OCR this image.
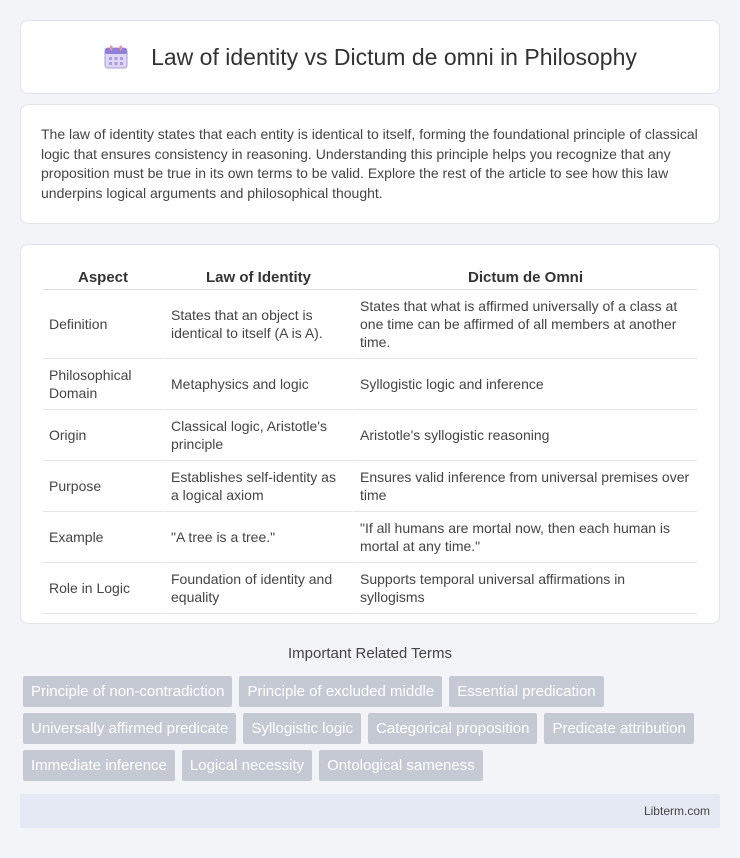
Law of identity vs Dictum de omni in Philosophy

The law of identity states that each entity is identical to itself, forming the foundational principle of classical logic that ensures consistency in reasoning. Understanding this principle helps you recognize that any proposition must be true in its own terms to be valid. Explore the rest of the article to see how this law underpins logical arguments and philosophical thought.

Aspect	Law of Identity	Dictum de Omni
Definition	States that an object is identical to itself (A is A).	States that what is affirmed universally of a class at one time can be affirmed of all members at another time.
Philosophical Domain	Metaphysics and logic	Syllogistic logic and inference
Origin	Classical logic, Aristotle's principle	Aristotle's syllogistic reasoning
Purpose	Establishes self-identity as a logical axiom	Ensures valid inference from universal premises over time
Example	"A tree is a tree."	"If all humans are mortal now, then each human is mortal at any time."
Role in Logic	Foundation of identity and equality	Supports temporal universal affirmations in syllogisms
Important Related Terms
Principle of non-contradiction	Principle of excluded middle	Essential predication
Universally affirmed predicate	Syllogistic logic	Categorical proposition	Predicate attribution
Immediate inference	Logical necessity	Ontological sameness
Libterm.com
